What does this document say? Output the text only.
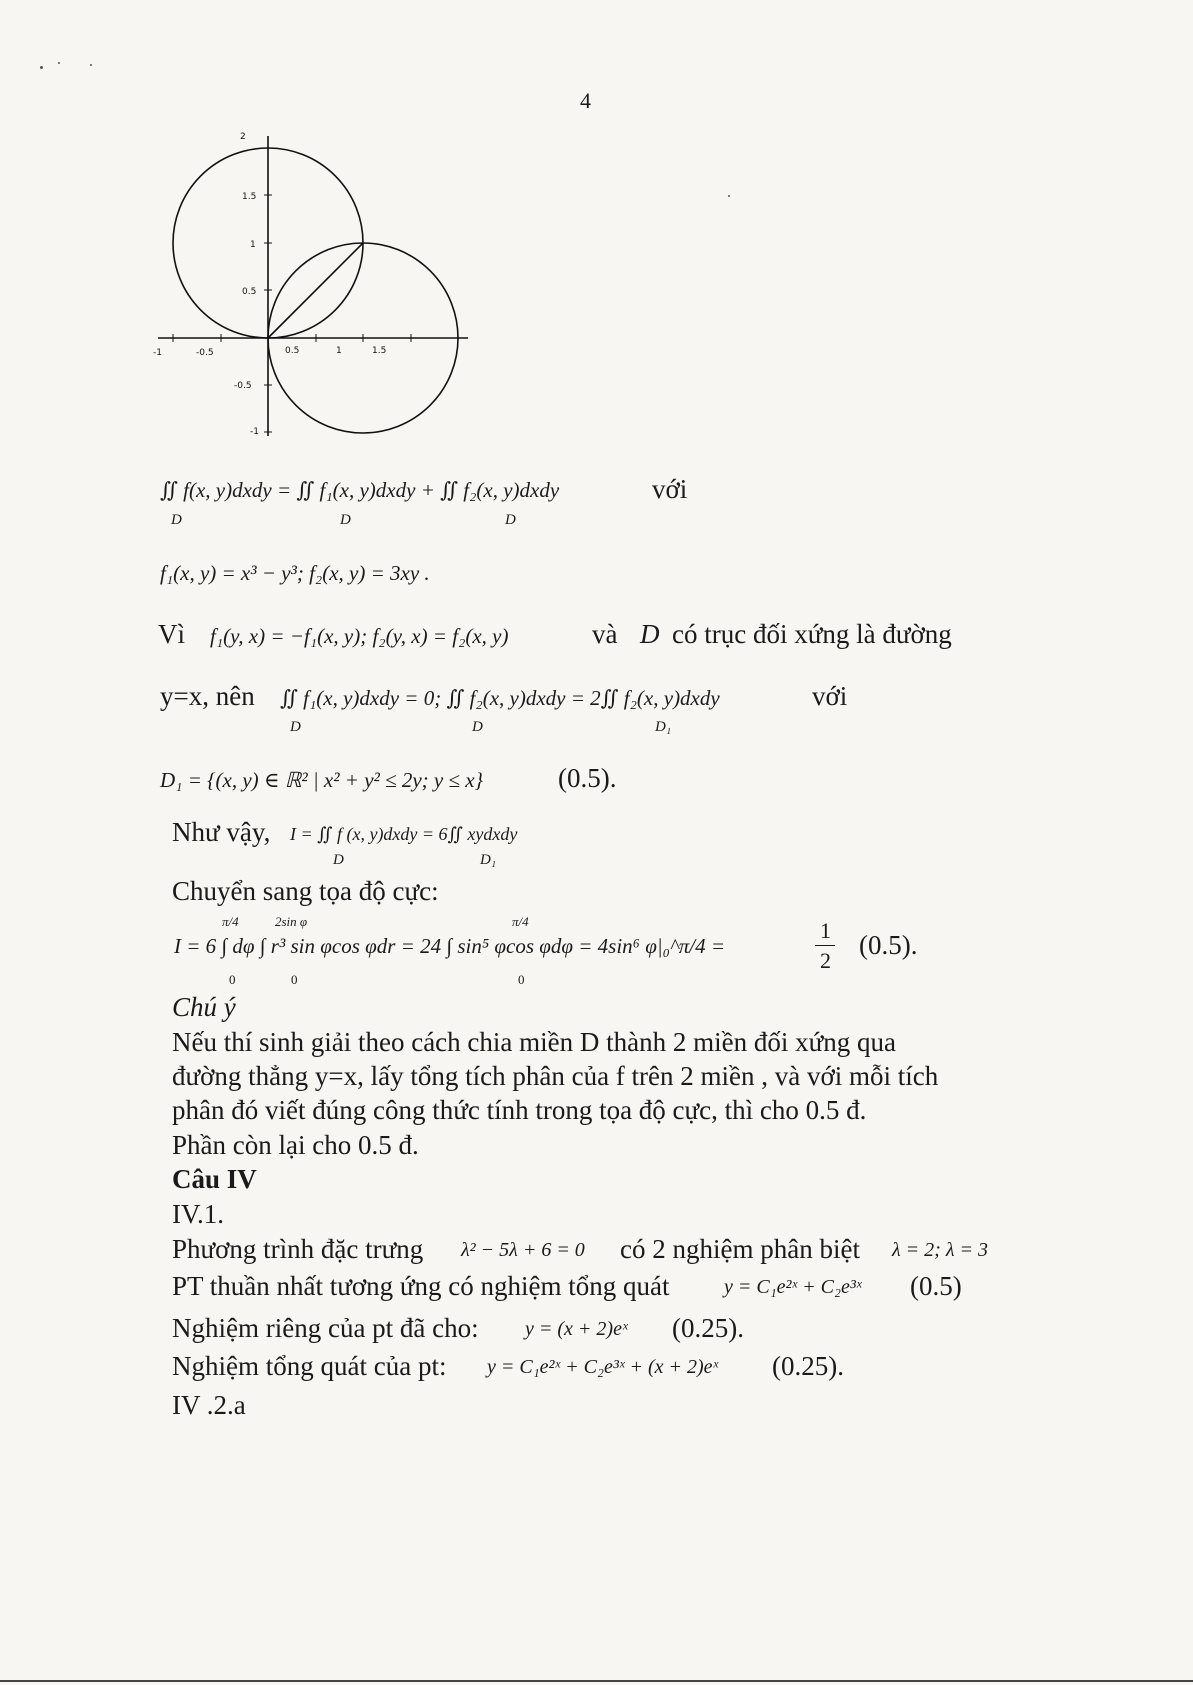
4
-1	-0.5	0.5	1	1.5
2
1.5
1
0.5
-0.5
-1
∬ f(x, y)dxdy = ∬ f₁(x, y)dxdy + ∬ f₂(x, y)dxdy	với
D	D	D
f₁(x, y) = x³ − y³; f₂(x, y) = 3xy .
Vì f₁(y, x) = −f₁(x, y); f₂(y, x) = f₂(x, y)	và D có trục đối xứng là đường
y=x, nên ∬ f₁(x, y)dxdy = 0; ∬ f₂(x, y)dxdy = 2∬ f₂(x, y)dxdy	với
D	D	D₁
D₁ = {(x, y) ∈ ℝ² | x² + y² ≤ 2y; y ≤ x}	(0.5).
Như vậy, I = ∬ f (x, y)dxdy = 6∬ xydxdy
D	D₁
Chuyển sang tọa độ cực:
π/4	2sin φ	π/4
I = 6 ∫ dφ ∫ r³ sin φcos φdr = 24 ∫ sin⁵ φcos φdφ = 4sin⁶ φ|₀^π/4 =
0	0	0
1
2
(0.5).
Chú ý
Nếu thí sinh giải theo cách chia miền D thành 2 miền đối xứng qua
đường thẳng y=x, lấy tổng tích phân của f trên 2 miền , và với mỗi tích
phân đó viết đúng công thức tính trong tọa độ cực, thì cho 0.5 đ.
Phần còn lại cho 0.5 đ.
Câu IV
IV.1.
Phương trình đặc trưng λ² − 5λ + 6 = 0 có 2 nghiệm phân biệt λ = 2; λ = 3
PT thuần nhất tương ứng có nghiệm tổng quát	y = C₁e²ˣ + C₂e³ˣ (0.5)
Nghiệm riêng của pt đã cho: y = (x + 2)eˣ (0.25).
Nghiệm tổng quát của pt: y = C₁e²ˣ + C₂e³ˣ + (x + 2)eˣ (0.25).
IV .2.a
